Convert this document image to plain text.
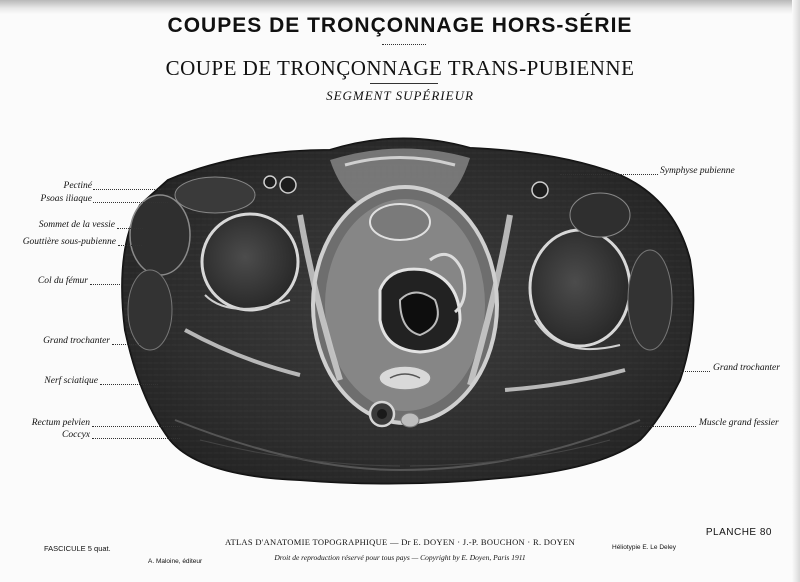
COUPES DE TRONÇONNAGE HORS-SÉRIE
COUPE DE TRONÇONNAGE TRANS-PUBIENNE
SEGMENT SUPÉRIEUR
Pectiné
Psoas iliaque
Sommet de la vessie
Gouttière sous-pubienne
Col du fémur
Grand trochanter
Nerf sciatique
Rectum pelvien
Coccyx
Symphyse pubienne
Grand trochanter
Muscle grand fessier
PLANCHE 80
FASCICULE 5 quat.
ATLAS D'ANATOMIE TOPOGRAPHIQUE — Dr E. DOYEN · J.-P. BOUCHON · R. DOYEN
Droit de reproduction réservé pour tous pays — Copyright by E. Doyen, Paris 1911
A. Maloine, éditeur
Héliotypie E. Le Deley
